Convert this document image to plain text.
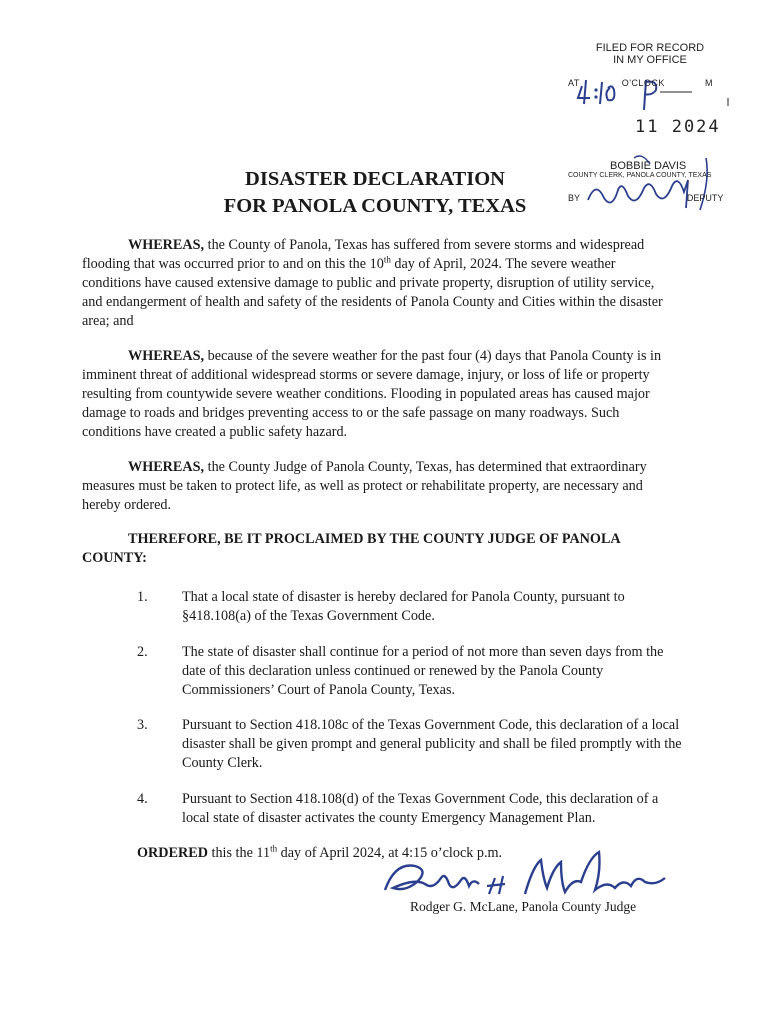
FILED FOR RECORD
IN MY OFFICE
AT	O'CLOCK	M
11 2024
BOBBIE DAVIS
COUNTY CLERK, PANOLA COUNTY, TEXAS
BY	DEPUTY
DISASTER DECLARATION
FOR PANOLA COUNTY, TEXAS
WHEREAS, the County of Panola, Texas has suffered from severe storms and widespread flooding that was occurred prior to and on this the 10th day of April, 2024. The severe weather conditions have caused extensive damage to public and private property, disruption of utility service, and endangerment of health and safety of the residents of Panola County and Cities within the disaster area; and
WHEREAS, because of the severe weather for the past four (4) days that Panola County is in imminent threat of additional widespread storms or severe damage, injury, or loss of life or property resulting from countywide severe weather conditions. Flooding in populated areas has caused major damage to roads and bridges preventing access to or the safe passage on many roadways. Such conditions have created a public safety hazard.
WHEREAS, the County Judge of Panola County, Texas, has determined that extraordinary measures must be taken to protect life, as well as protect or rehabilitate property, are necessary and hereby ordered.
THEREFORE, BE IT PROCLAIMED BY THE COUNTY JUDGE OF PANOLA COUNTY:
1. That a local state of disaster is hereby declared for Panola County, pursuant to §418.108(a) of the Texas Government Code.
2. The state of disaster shall continue for a period of not more than seven days from the date of this declaration unless continued or renewed by the Panola County Commissioners’ Court of Panola County, Texas.
3. Pursuant to Section 418.108c of the Texas Government Code, this declaration of a local disaster shall be given prompt and general publicity and shall be filed promptly with the County Clerk.
4. Pursuant to Section 418.108(d) of the Texas Government Code, this declaration of a local state of disaster activates the county Emergency Management Plan.
ORDERED this the 11th day of April 2024, at 4:15 o’clock p.m.
Rodger G. McLane, Panola County Judge
